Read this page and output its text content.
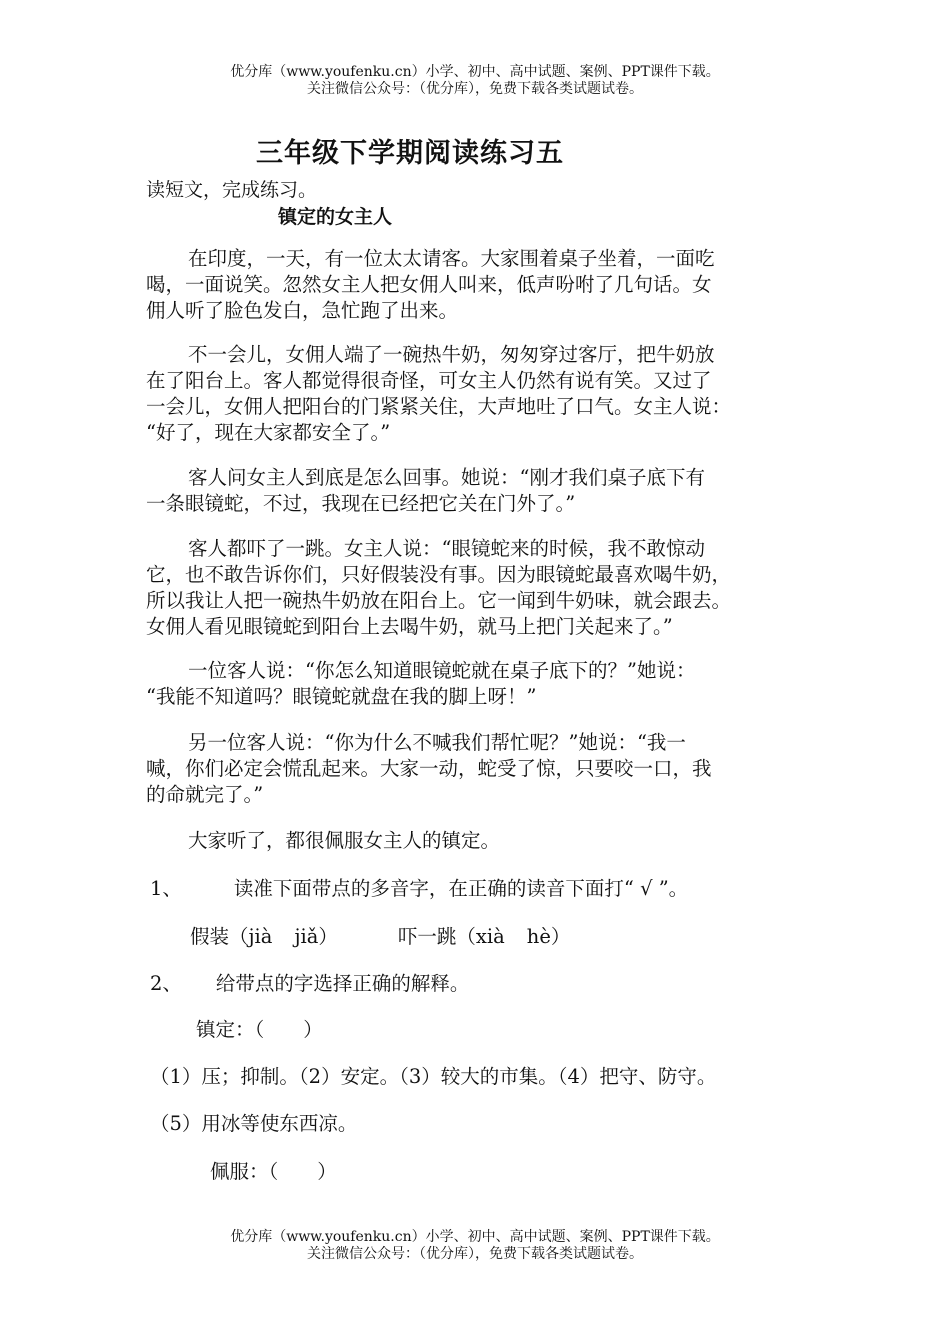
优分库（www.youfenku.cn）小学、初中、高中试题、案例、PPT课件下载。
关注微信公众号：（优分库），免费下载各类试题试卷。
三年级下学期阅读练习五
读短文，完成练习。
镇定的女主人
在印度，一天，有一位太太请客。大家围着桌子坐着，一面吃
喝，一面说笑。忽然女主人把女佣人叫来，低声吩咐了几句话。女
佣人听了脸色发白，急忙跑了出来。
不一会儿，女佣人端了一碗热牛奶，匆匆穿过客厅，把牛奶放
在了阳台上。客人都觉得很奇怪，可女主人仍然有说有笑。又过了
一会儿，女佣人把阳台的门紧紧关住，大声地吐了口气。女主人说：
“好了，现在大家都安全了。”
客人问女主人到底是怎么回事。她说：“刚才我们桌子底下有
一条眼镜蛇，不过，我现在已经把它关在门外了。”
客人都吓了一跳。女主人说：“眼镜蛇来的时候，我不敢惊动
它，也不敢告诉你们，只好假装没有事。因为眼镜蛇最喜欢喝牛奶，
所以我让人把一碗热牛奶放在阳台上。它一闻到牛奶味，就会跟去。
女佣人看见眼镜蛇到阳台上去喝牛奶，就马上把门关起来了。”
一位客人说：“你怎么知道眼镜蛇就在桌子底下的？”她说：
“我能不知道吗？眼镜蛇就盘在我的脚上呀！”
另一位客人说：“你为什么不喊我们帮忙呢？”她说：“我一
喊，你们必定会慌乱起来。大家一动，蛇受了惊，只要咬一口，我
的命就完了。”
大家听了，都很佩服女主人的镇定。
1、	读准下面带点的多音字，在正确的读音下面打“ √ ”。
假装（jià jiǎ）	吓一跳（xià hè）
2、 给带点的字选择正确的解释。
镇定：（　　）
（1）压；抑制。（2）安定。（3）较大的市集。（4）把守、防守。
（5）用冰等使东西凉。
佩服：（　　）
优分库（www.youfenku.cn）小学、初中、高中试题、案例、PPT课件下载。
关注微信公众号：（优分库），免费下载各类试题试卷。
